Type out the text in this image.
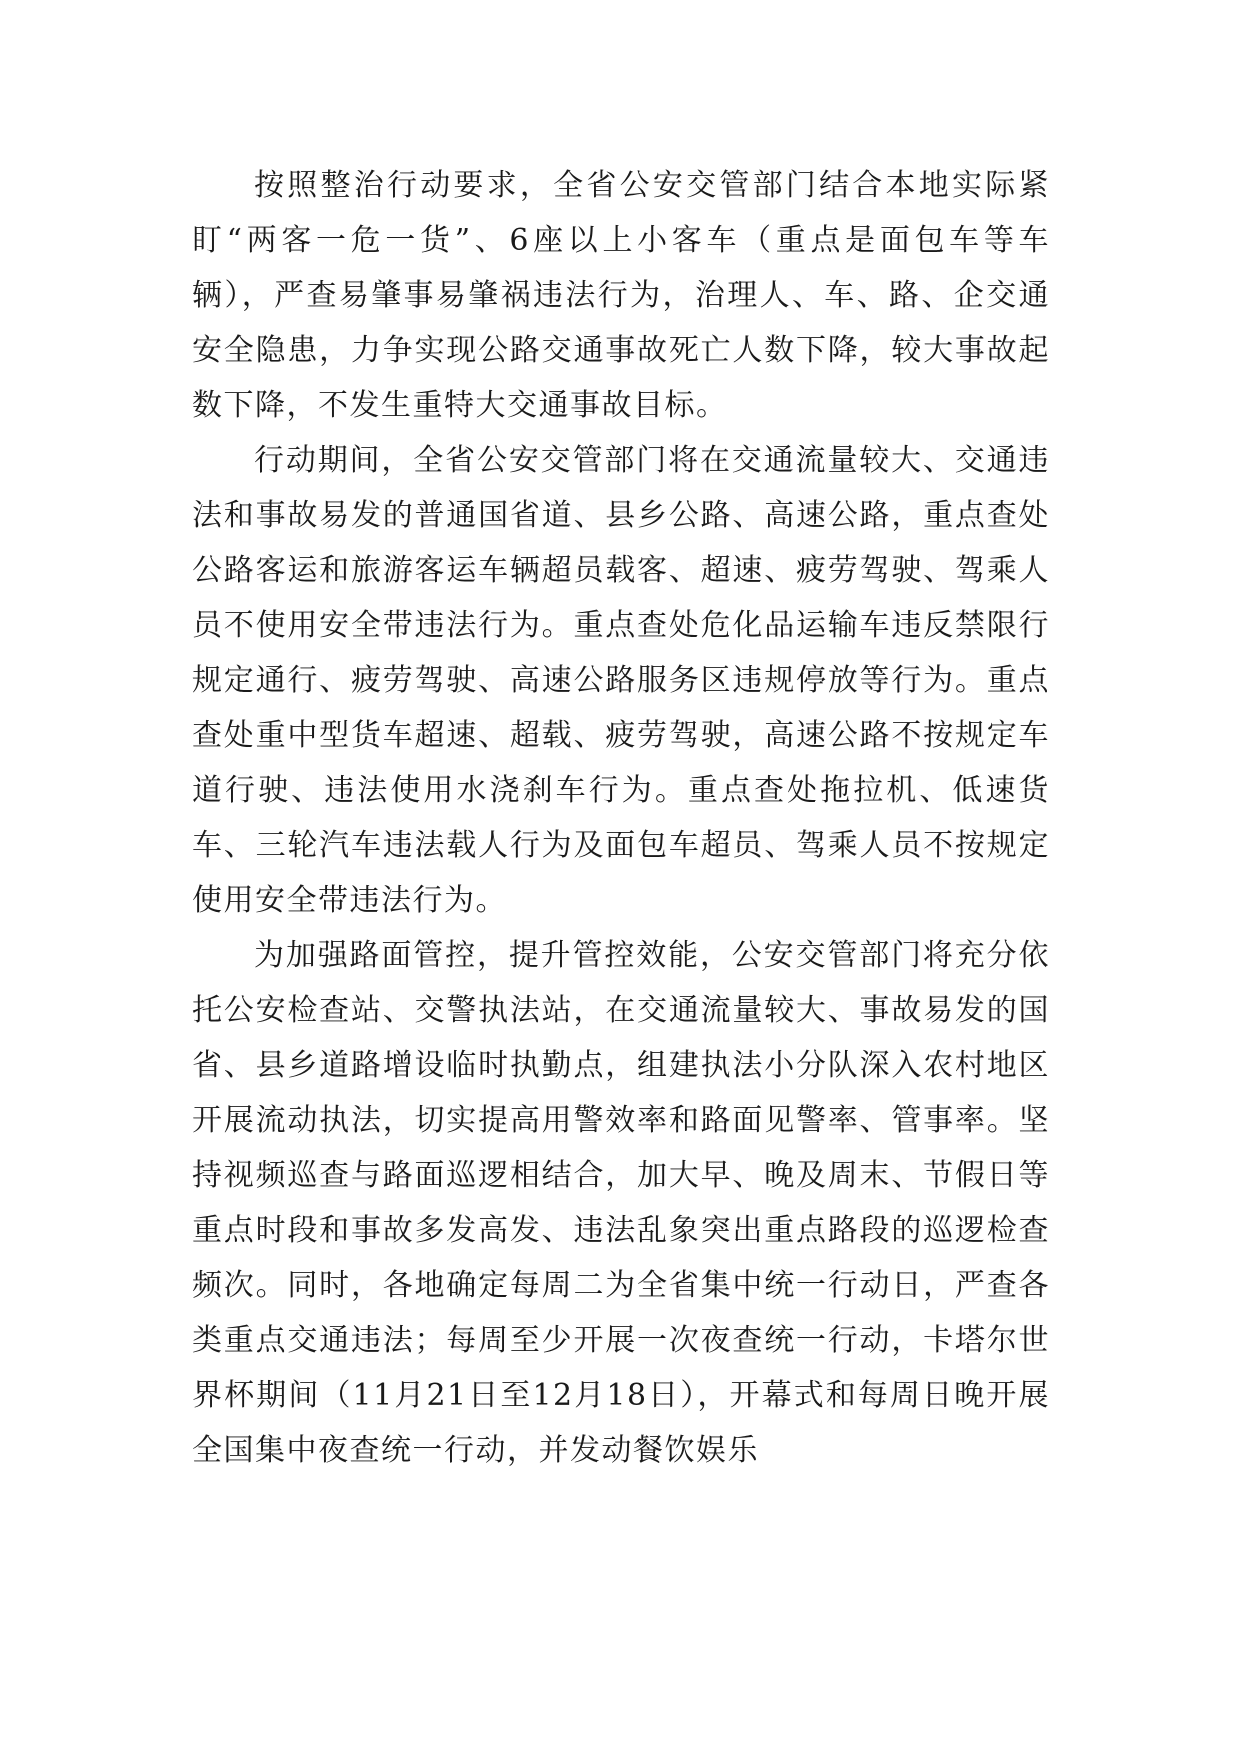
按照整治行动要求，全省公安交管部门结合本地实际紧盯“两客一危一货”、6座以上小客车（重点是面包车等车辆），严查易肇事易肇祸违法行为，治理人、车、路、企交通安全隐患，力争实现公路交通事故死亡人数下降，较大事故起数下降，不发生重特大交通事故目标。

行动期间，全省公安交管部门将在交通流量较大、交通违法和事故易发的普通国省道、县乡公路、高速公路，重点查处公路客运和旅游客运车辆超员载客、超速、疲劳驾驶、驾乘人员不使用安全带违法行为。重点查处危化品运输车违反禁限行规定通行、疲劳驾驶、高速公路服务区违规停放等行为。重点查处重中型货车超速、超载、疲劳驾驶，高速公路不按规定车道行驶、违法使用水浇刹车行为。重点查处拖拉机、低速货车、三轮汽车违法载人行为及面包车超员、驾乘人员不按规定使用安全带违法行为。

为加强路面管控，提升管控效能，公安交管部门将充分依托公安检查站、交警执法站，在交通流量较大、事故易发的国省、县乡道路增设临时执勤点，组建执法小分队深入农村地区开展流动执法，切实提高用警效率和路面见警率、管事率。坚持视频巡查与路面巡逻相结合，加大早、晚及周末、节假日等重点时段和事故多发高发、违法乱象突出重点路段的巡逻检查频次。同时，各地确定每周二为全省集中统一行动日，严查各类重点交通违法；每周至少开展一次夜查统一行动，卡塔尔世界杯期间（11月21日至12月18日），开幕式和每周日晚开展全国集中夜查统一行动，并发动餐饮娱乐
